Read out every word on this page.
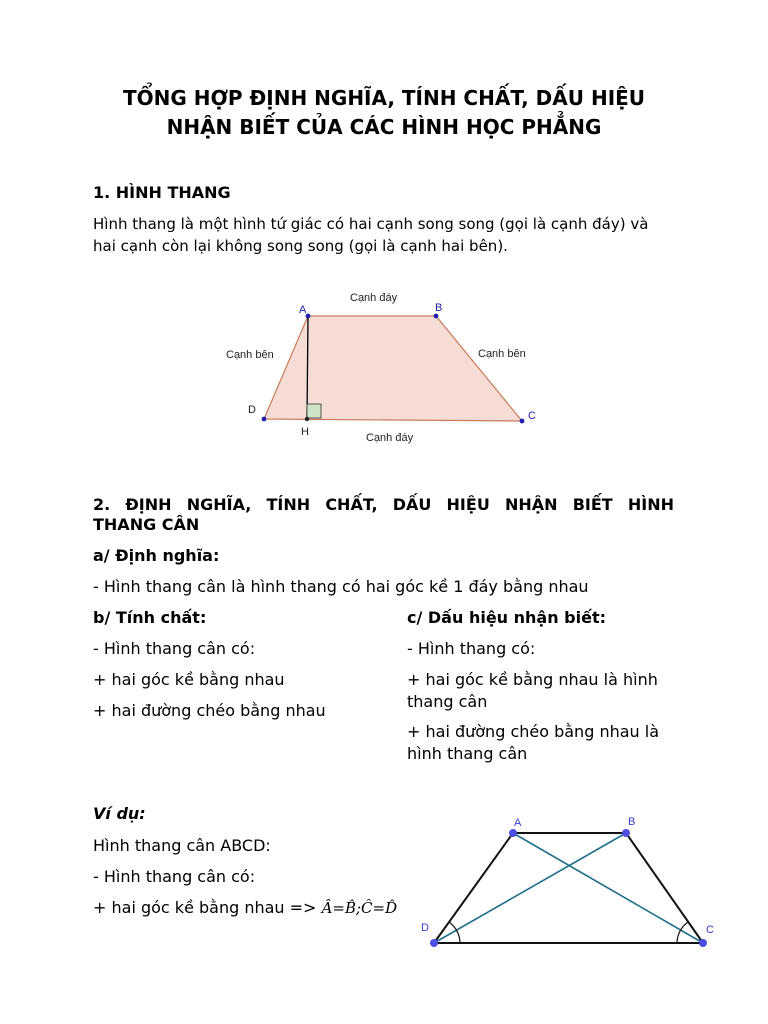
TỔNG HỢP ĐỊNH NGHĨA, TÍNH CHẤT, DẤU HIỆU
NHẬN BIẾT CỦA CÁC HÌNH HỌC PHẲNG
1. HÌNH THANG
Hình thang là một hình tứ giác có hai cạnh song song (gọi là cạnh đáy) và
hai cạnh còn lại không song song (gọi là cạnh hai bên).
A	B
C
D
H
Cạnh đáy
Cạnh đáy
Cạnh bên	Cạnh bên
2. ĐỊNH NGHĨA, TÍNH CHẤT, DẤU HIỆU NHẬN BIẾT HÌNH
THANG CÂN
a/ Định nghĩa:
- Hình thang cân là hình thang có hai góc kề 1 đáy bằng nhau
b/ Tính chất:
- Hình thang cân có:
+ hai góc kề bằng nhau
+ hai đường chéo bằng nhau
c/ Dấu hiệu nhận biết:
- Hình thang có:
+ hai góc kề bằng nhau là hình
thang cân
+ hai đường chéo bằng nhau là
hình thang cân
Ví dụ:
Hình thang cân ABCD:
- Hình thang cân có:
+ hai góc kề bằng nhau => Â=B̂;Ĉ=D̂
A	B
C
D
